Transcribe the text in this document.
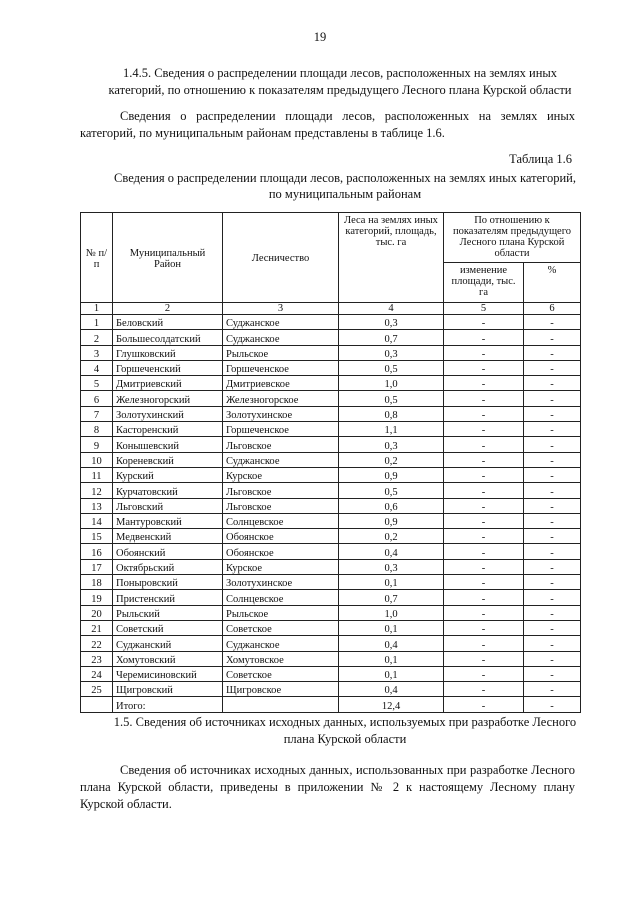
19
1.4.5. Сведения о распределении площади лесов, расположенных на землях иных категорий, по отношению к показателям предыдущего Лесного плана Курской области
Сведения о распределении площади лесов, расположенных на землях иных категорий, по муниципальным районам представлены в таблице 1.6.
Таблица 1.6
Сведения о распределении площади лесов, расположенных на землях иных категорий, по муниципальным районам
№ п/п	Муниципальный Район	Лесничество	Леса на землях иных категорий, площадь, тыс. га	По отношению к показателям предыдущего Лесного плана Курской области	
				изменение площади, тыс. га	%
1	2	3	4	5	6
1	Беловский	Суджанское	0,3	-	-
2	Большесолдатский	Суджанское	0,7	-	-
3	Глушковский	Рыльское	0,3	-	-
4	Горшеченский	Горшеченское	0,5	-	-
5	Дмитриевский	Дмитриевское	1,0	-	-
6	Железногорский	Железногорское	0,5	-	-
7	Золотухинский	Золотухинское	0,8	-	-
8	Касторенский	Горшеченское	1,1	-	-
9	Конышевский	Льговское	0,3	-	-
10	Кореневский	Суджанское	0,2	-	-
11	Курский	Курское	0,9	-	-
12	Курчатовский	Льговское	0,5	-	-
13	Льговский	Льговское	0,6	-	-
14	Мантуровский	Солнцевское	0,9	-	-
15	Медвенский	Обоянское	0,2	-	-
16	Обоянский	Обоянское	0,4	-	-
17	Октябрьский	Курское	0,3	-	-
18	Поныровский	Золотухинское	0,1	-	-
19	Пристенский	Солнцевское	0,7	-	-
20	Рыльский	Рыльское	1,0	-	-
21	Советский	Советское	0,1	-	-
22	Суджанский	Суджанское	0,4	-	-
23	Хомутовский	Хомутовское	0,1	-	-
24	Черемисиновский	Советское	0,1	-	-
25	Щигровский	Щигровское	0,4	-	-
	Итого:		12,4	-	-
1.5. Сведения об источниках исходных данных, используемых при разработке Лесного плана Курской области
Сведения об источниках исходных данных, использованных при разработке Лесного плана Курской области, приведены в приложении № 2 к настоящему Лесному плану Курской области.
